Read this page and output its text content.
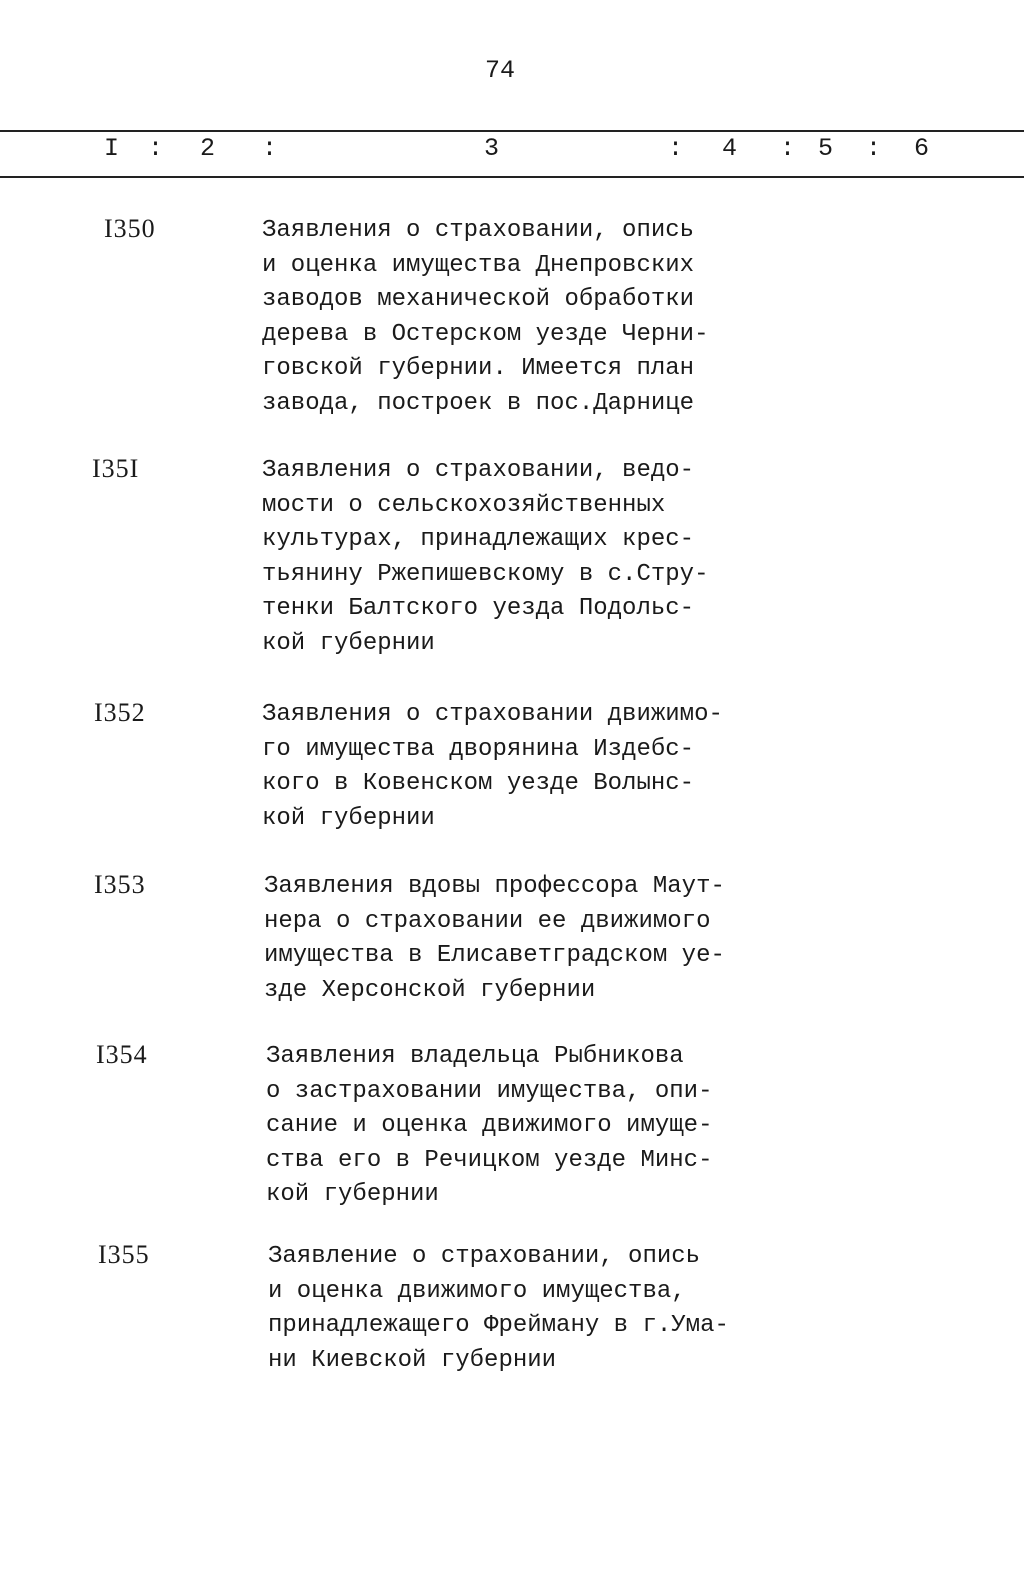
74
I : 2 :	3	: 4 : 5 : 6
I350	Заявления о страховании, опись
и оценка имущества Днепровских
заводов механической обработки
дерева в Остерском уезде Черни-
говской губернии. Имеется план
завода, построек в пос.Дарнице
I35I	Заявления о страховании, ведо-
мости о сельскохозяйственных
культурах, принадлежащих крес-
тьянину Ржепишевскому в с.Стру-
тенки Балтского уезда Подольс-
кой губернии
I352	Заявления о страховании движимо-
го имущества дворянина Издебс-
кого в Ковенском уезде Волынс-
кой губернии
I353	Заявления вдовы профессора Маут-
нера о страховании ее движимого
имущества в Елисаветградском уе-
зде Херсонской губернии
I354	Заявления владельца Рыбникова
о застраховании имущества, опи-
сание и оценка движимого имуще-
ства его в Речицком уезде Минс-
кой губернии
I355	Заявление о страховании, опись
и оценка движимого имущества,
принадлежащего Фрейману в г.Ума-
ни Киевской губернии
